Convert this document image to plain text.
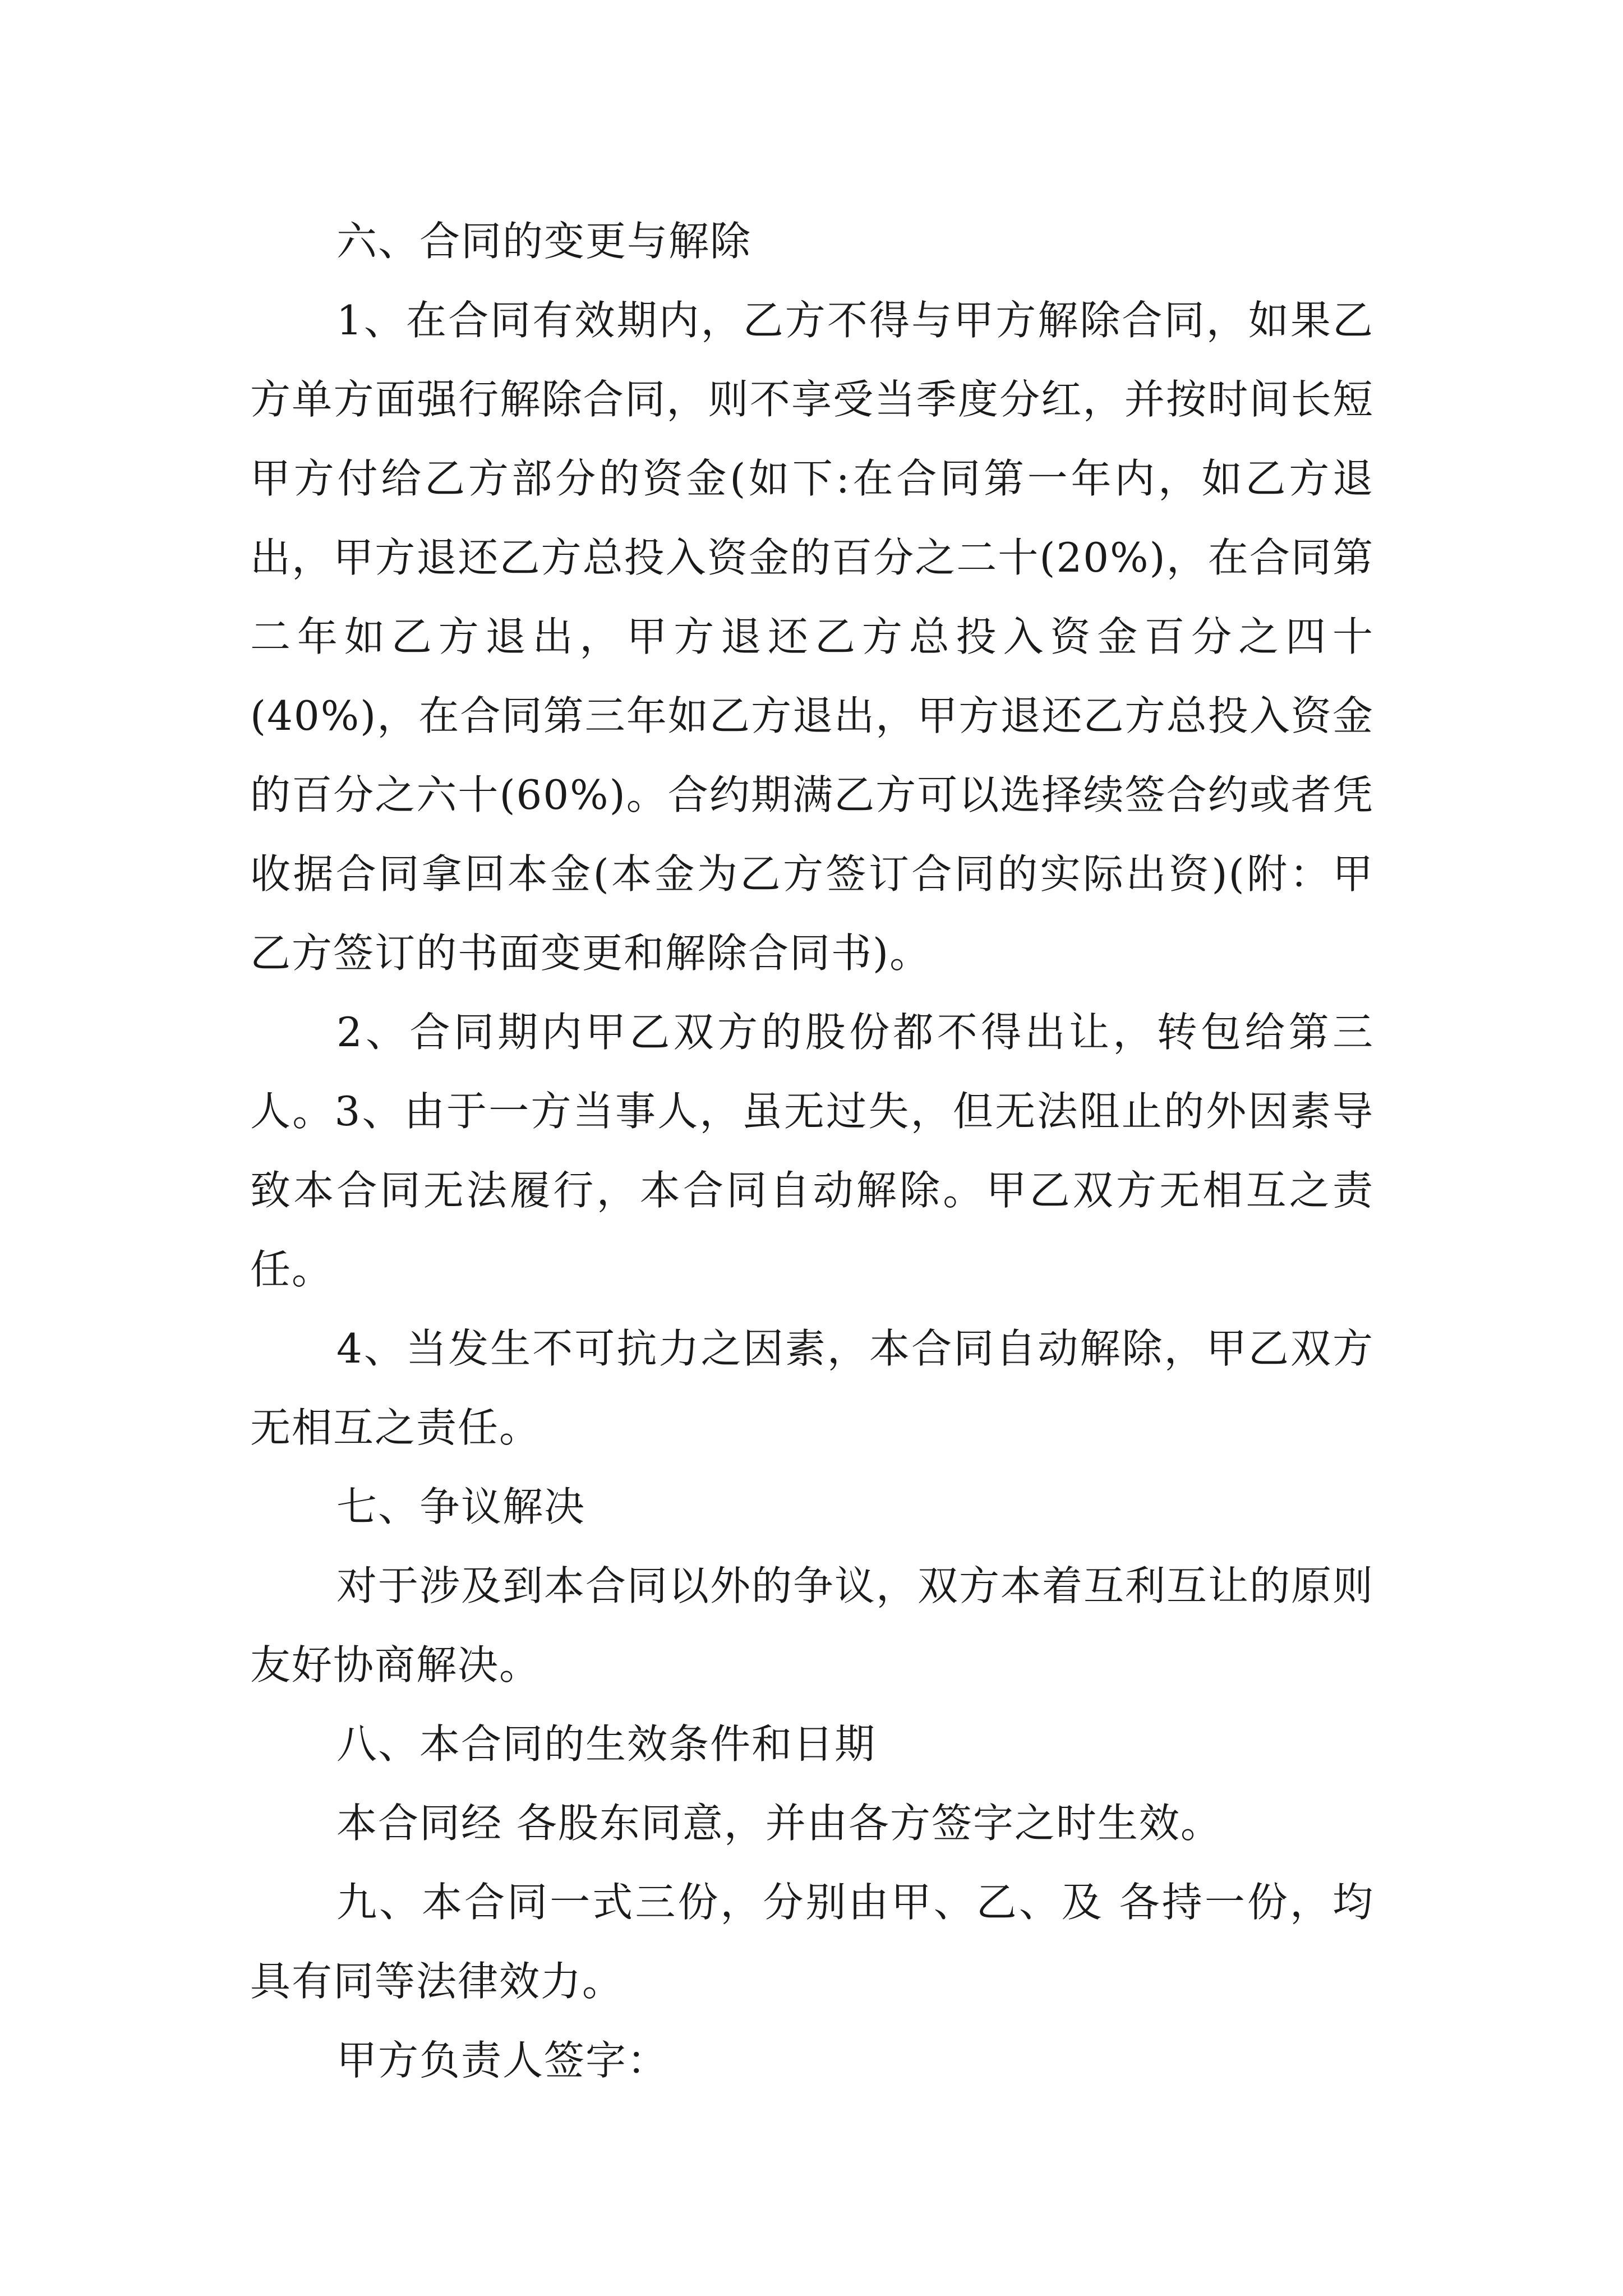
六、合同的变更与解除

1、在合同有效期内，乙方不得与甲方解除合同，如果乙方单方面强行解除合同，则不享受当季度分红，并按时间长短甲方付给乙方部分的资金(如下:在合同第一年内，如乙方退出，甲方退还乙方总投入资金的百分之二十(20%)，在合同第二年如乙方退出，甲方退还乙方总投入资金百分之四十(40%)，在合同第三年如乙方退出，甲方退还乙方总投入资金的百分之六十(60%)。合约期满乙方可以选择续签合约或者凭收据合同拿回本金(本金为乙方签订合同的实际出资)(附：甲乙方签订的书面变更和解除合同书)。

2、合同期内甲乙双方的股份都不得出让，转包给第三人。3、由于一方当事人，虽无过失，但无法阻止的外因素导致本合同无法履行，本合同自动解除。甲乙双方无相互之责任。

4、当发生不可抗力之因素，本合同自动解除，甲乙双方无相互之责任。

七、争议解决

对于涉及到本合同以外的争议，双方本着互利互让的原则友好协商解决。

八、本合同的生效条件和日期

本合同经 各股东同意，并由各方签字之时生效。

九、本合同一式三份，分别由甲、乙、及 各持一份，均具有同等法律效力。

甲方负责人签字：
